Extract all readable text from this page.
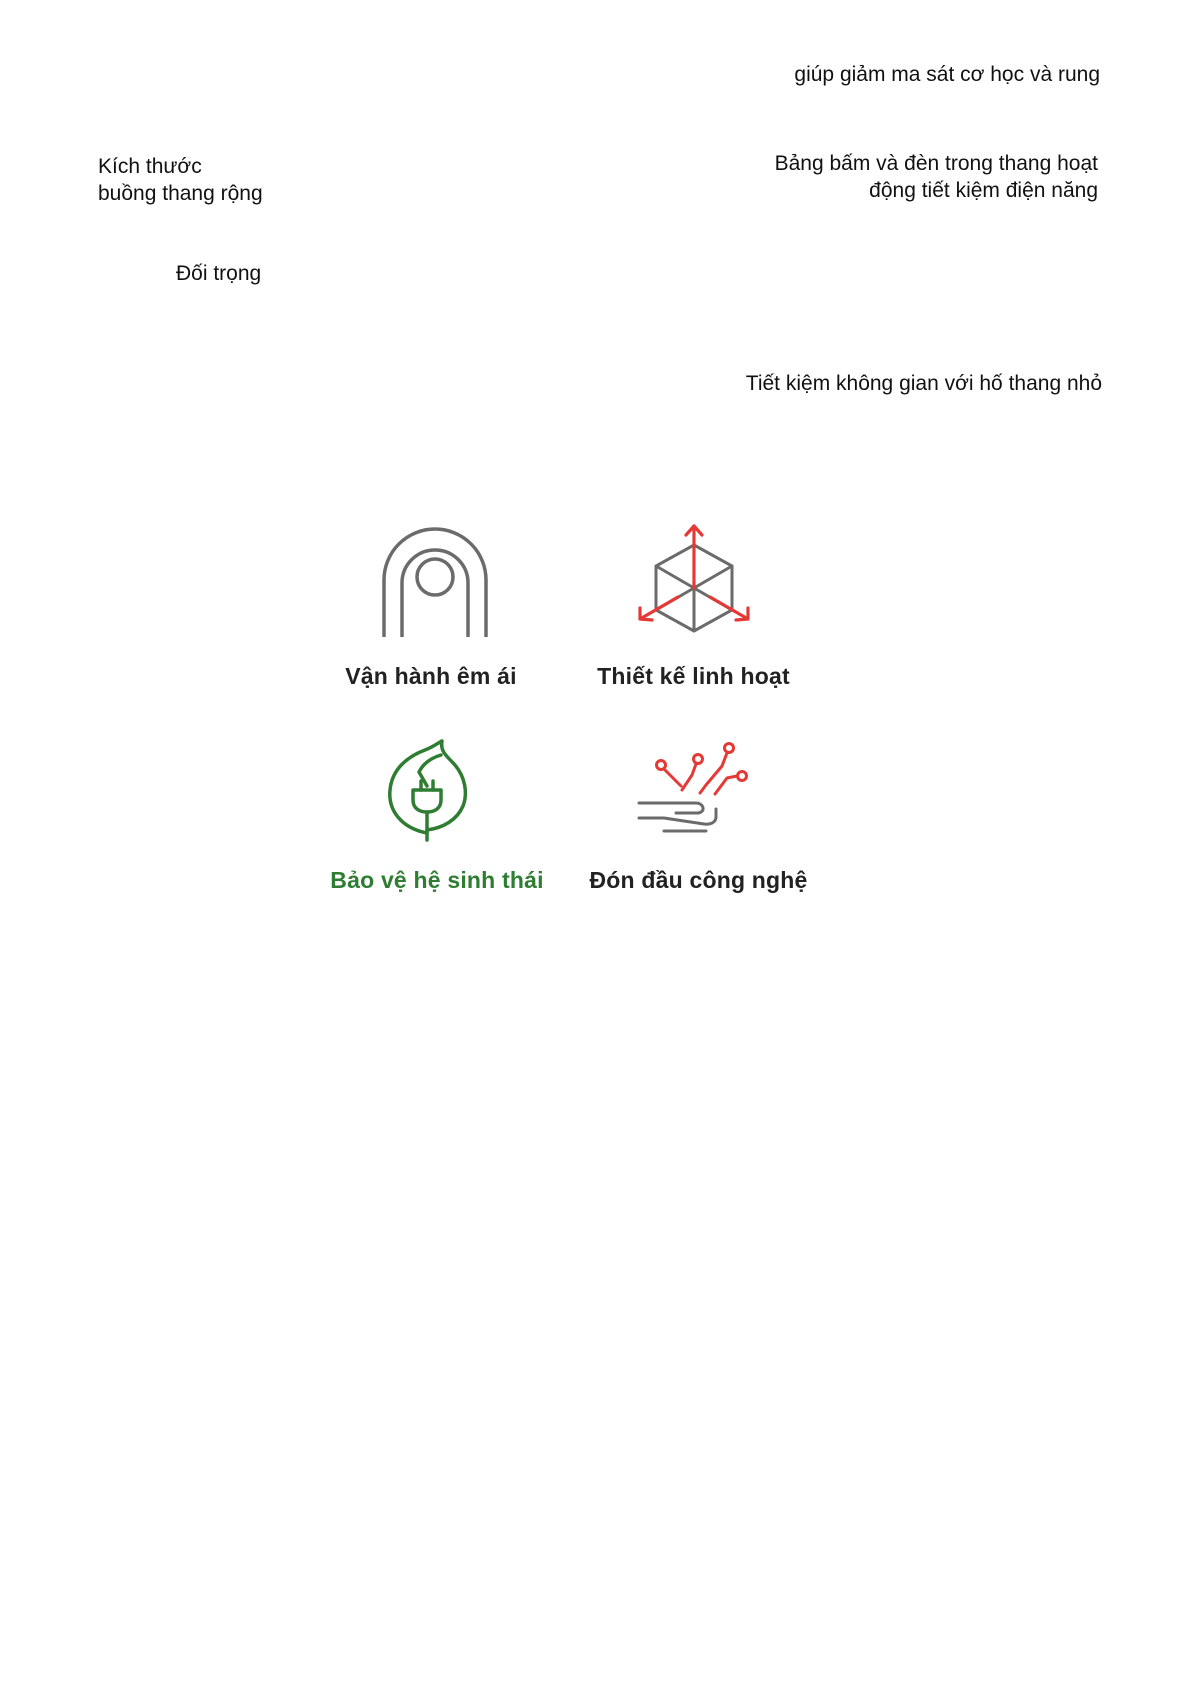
giúp giảm ma sát cơ học và rung
Kích thước
buồng thang rộng
Bảng bấm và đèn trong thang hoạt
động tiết kiệm điện năng
Đối trọng
Tiết kiệm không gian với hố thang nhỏ
Vận hành êm ái	Thiết kế linh hoạt
Bảo vệ hệ sinh thái	Đón đầu công nghệ
